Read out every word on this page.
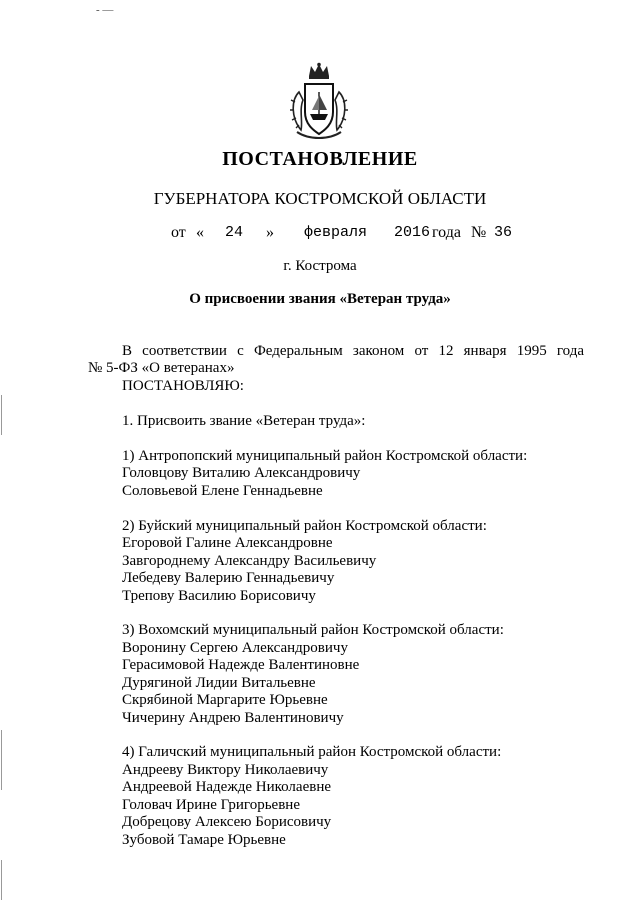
- —
ПОСТАНОВЛЕНИЕ
ГУБЕРНАТОРА КОСТРОМСКОЙ ОБЛАСТИ
от « 24 » февраля 2016 года № 36
г. Кострома
О присвоении звания «Ветеран труда»
В соответствии с Федеральным законом от 12 января 1995 года
№ 5-ФЗ «О ветеранах»
ПОСТАНОВЛЯЮ:
1. Присвоить звание «Ветеран труда»:
1) Антропопский муниципальный район Костромской области:
Головцову Виталию Александровичу
Соловьевой Елене Геннадьевне
2) Буйский муниципальный район Костромской области:
Егоровой Галине Александровне
Завгороднему Александру Васильевичу
Лебедеву Валерию Геннадьевичу
Трепову Василию Борисовичу
3) Вохомский муниципальный район Костромской области:
Воронину Сергею Александровичу
Герасимовой Надежде Валентиновне
Дурягиной Лидии Витальевне
Скрябиной Маргарите Юрьевне
Чичерину Андрею Валентиновичу
4) Галичский муниципальный район Костромской области:
Андрееву Виктору Николаевичу
Андреевой Надежде Николаевне
Головач Ирине Григорьевне
Добрецову Алексею Борисовичу
Зубовой Тамаре Юрьевне
